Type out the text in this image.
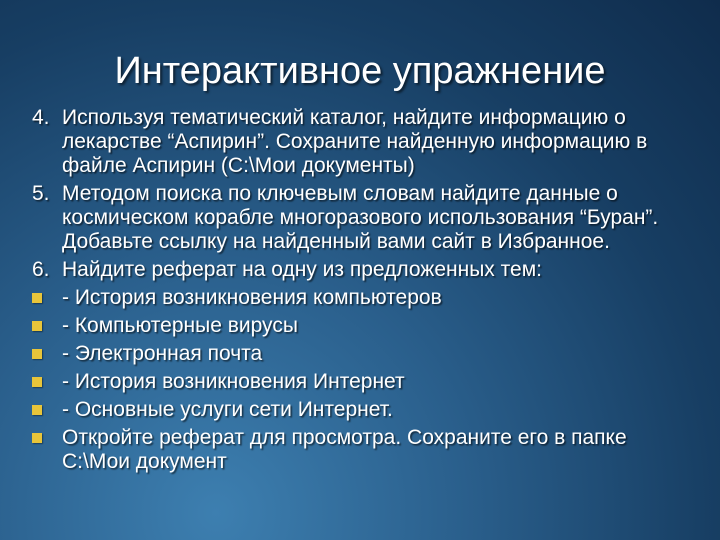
Интерактивное упражнение
4. Используя тематический каталог, найдите информацию о лекарстве “Аспирин”. Сохраните найденную информацию в файле Аспирин (C:\Мои документы)
5. Методом поиска по ключевым словам найдите данные о космическом корабле многоразового использования “Буран”. Добавьте ссылку на найденный вами сайт в Избранное.
6. Найдите реферат на одну из предложенных тем:
- История возникновения компьютеров
- Компьютерные вирусы
- Электронная почта
- История возникновения Интернет
- Основные услуги сети Интернет.
Откройте реферат для просмотра. Сохраните его в папке С:\Мои документ
